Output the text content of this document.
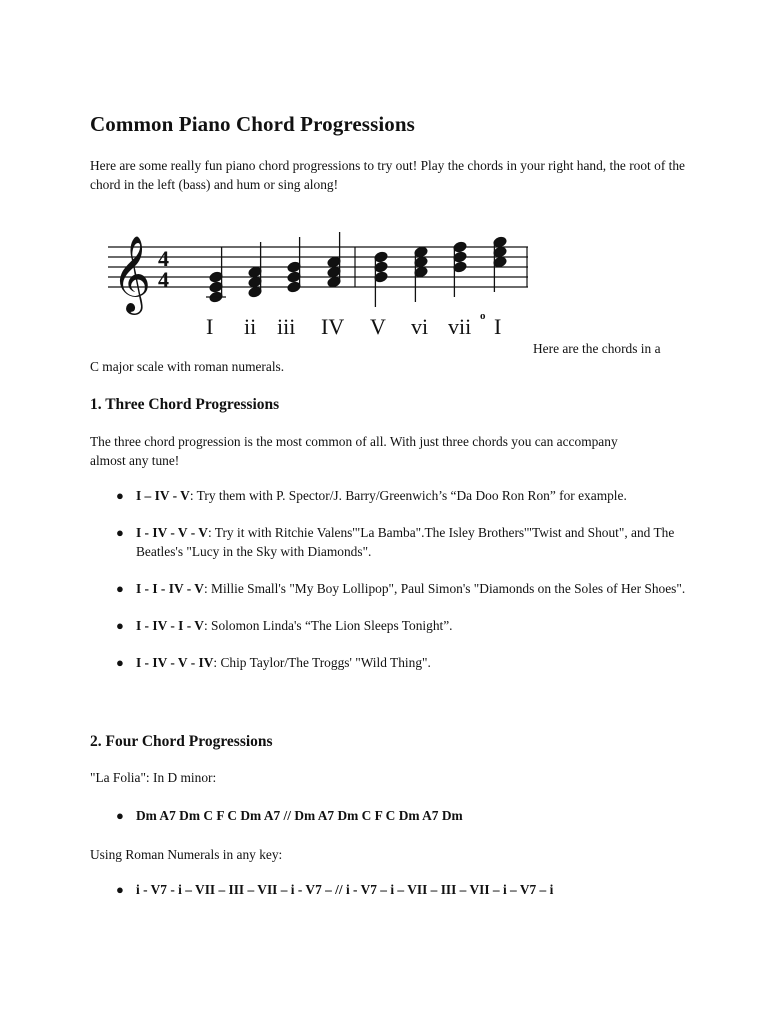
Common Piano Chord Progressions

Here are some really fun piano chord progressions to try out! Play the chords in your right hand, the root of the chord in the left (bass) and hum or sing along!

𝄞 4
4
I ii iii IV V vi vii I
o
Here are the chords in a
C major scale with roman numerals.
1. Three Chord Progressions

The three chord progression is the most common of all. With just three chords you can accompany almost any tune!

● I – IV - V: Try them with P. Spector/J. Barry/Greenwich’s “Da Doo Ron Ron” for example.
● I - IV - V - V: Try it with Ritchie Valens'"La Bamba".The Isley Brothers'"Twist and Shout", and The Beatles's "Lucy in the Sky with Diamonds".
● I - I - IV - V: Millie Small's "My Boy Lollipop", Paul Simon's "Diamonds on the Soles of Her Shoes".
● I - IV - I - V: Solomon Linda's “The Lion Sleeps Tonight”.
● I - IV - V - IV: Chip Taylor/The Troggs' "Wild Thing".
2. Four Chord Progressions

"La Folia": In D minor:

● Dm A7 Dm C F C Dm A7 // Dm A7 Dm C F C Dm A7 Dm

Using Roman Numerals in any key:

● i - V7 - i – VII – III – VII – i - V7 – // i - V7 – i – VII – III – VII – i – V7 – i
